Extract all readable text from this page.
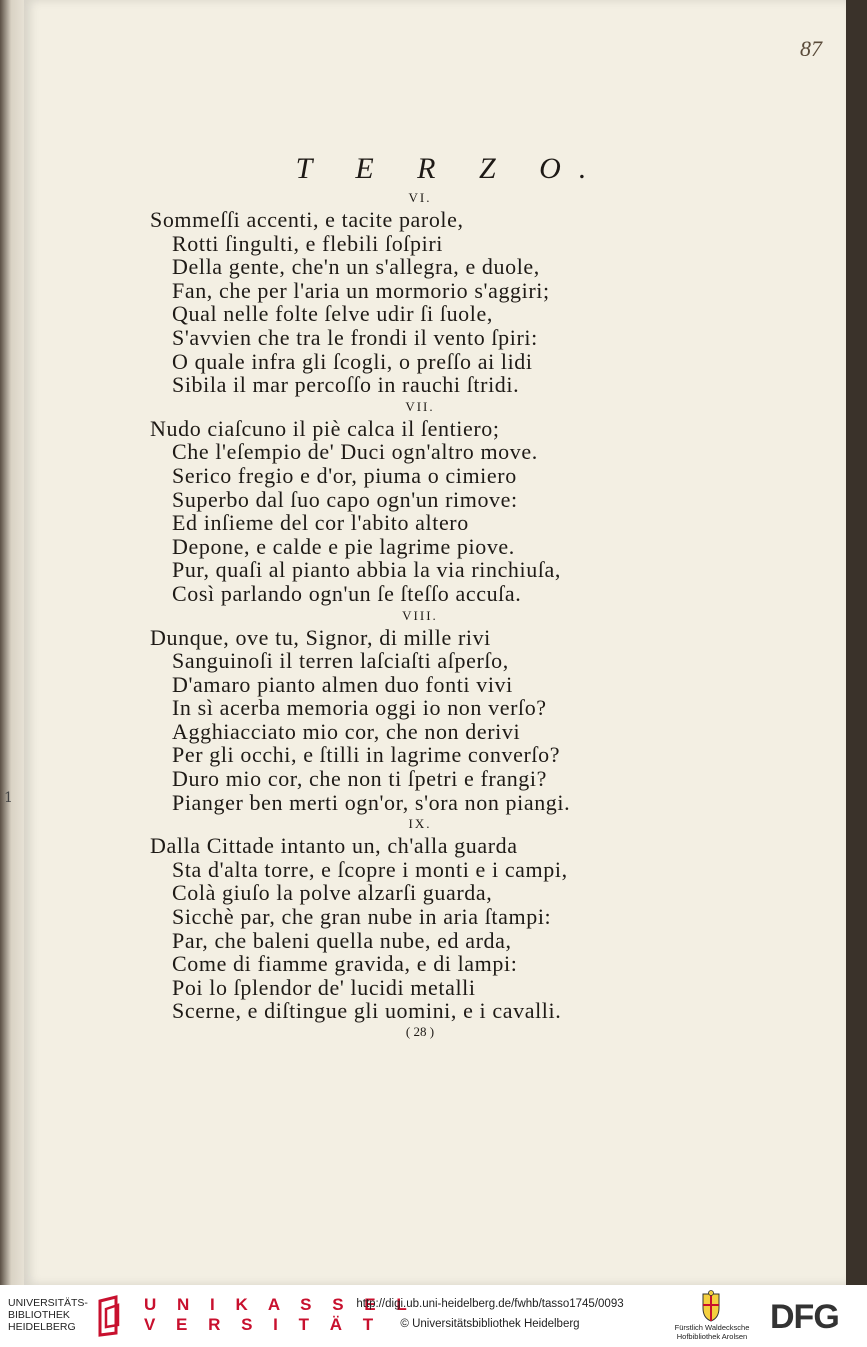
1
87
T E R Z O.
VI.
Sommeſſi accenti, e tacite parole,
Rotti ſingulti, e flebili ſoſpiri
Della gente, che'n un s'allegra, e duole,
Fan, che per l'aria un mormorio s'aggiri;
Qual nelle folte ſelve udir ſi ſuole,
S'avvien che tra le frondi il vento ſpiri:
O quale infra gli ſcogli, o preſſo ai lidi
Sibila il mar percoſſo in rauchi ſtridi.
VII.
Nudo ciaſcuno il piè calca il ſentiero;
Che l'eſempio de' Duci ogn'altro move.
Serico fregio e d'or, piuma o cimiero
Superbo dal ſuo capo ogn'un rimove:
Ed inſieme del cor l'abito altero
Depone, e calde e pie lagrime piove.
Pur, quaſi al pianto abbia la via rinchiuſa,
Così parlando ogn'un ſe ſteſſo accuſa.
VIII.
Dunque, ove tu, Signor, di mille rivi
Sanguinoſi il terren laſciaſti aſperſo,
D'amaro pianto almen duo fonti vivi
In sì acerba memoria oggi io non verſo?
Agghiacciato mio cor, che non derivi
Per gli occhi, e ſtilli in lagrime converſo?
Duro mio cor, che non ti ſpetri e frangi?
Pianger ben merti ogn'or, s'ora non piangi.
IX.
Dalla Cittade intanto un, ch'alla guarda
Sta d'alta torre, e ſcopre i monti e i campi,
Colà giuſo la polve alzarſi guarda,
Sicchè par, che gran nube in aria ſtampi:
Par, che baleni quella nube, ed arda,
Come di fiamme gravida, e di lampi:
Poi lo ſplendor de' lucidi metalli
Scerne, e diſtingue gli uomini, e i cavalli.
( 28 )
UNIVERSITÄTS-
BIBLIOTHEK
HEIDELBERG
U N I K A S S E L
V E R S I T Ä T
http://digi.ub.uni-heidelberg.de/fwhb/tasso1745/0093
© Universitätsbibliothek Heidelberg	Fürstlich Waldecksche
Hofbibliothek Arolsen DFG
